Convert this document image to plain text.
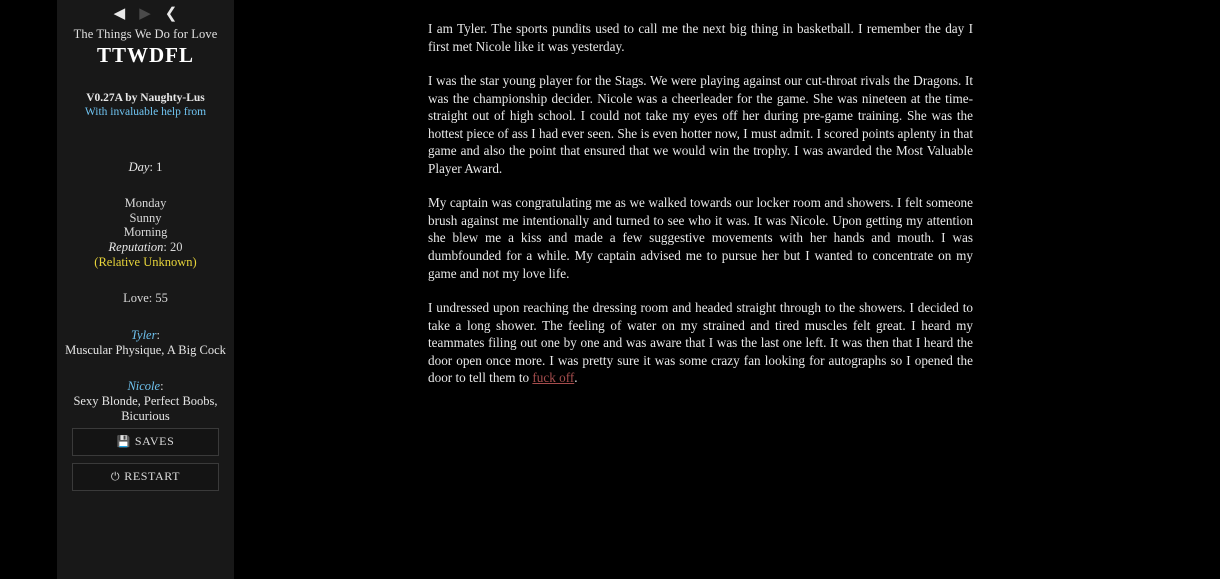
◀ ▶ ❮
The Things We Do for Love
TTWDFL
V0.27A by Naughty-Lus
With invaluable help from
Day: 1
Monday
Sunny
Morning
Reputation: 20
(Relative Unknown)
Love: 55
Tyler:
Muscular Physique, A Big Cock
Nicole:
Sexy Blonde, Perfect Boobs, Bicurious
💾 SAVES
⏻ RESTART

I am Tyler. The sports pundits used to call me the next big thing in basketball. I remember the day I first met Nicole like it was yesterday.

I was the star young player for the Stags. We were playing against our cut-throat rivals the Dragons. It was the championship decider. Nicole was a cheerleader for the game. She was nineteen at the time- straight out of high school. I could not take my eyes off her during pre-game training. She was the hottest piece of ass I had ever seen. She is even hotter now, I must admit. I scored points aplenty in that game and also the point that ensured that we would win the trophy. I was awarded the Most Valuable Player Award.

My captain was congratulating me as we walked towards our locker room and showers. I felt someone brush against me intentionally and turned to see who it was. It was Nicole. Upon getting my attention she blew me a kiss and made a few suggestive movements with her hands and mouth. I was dumbfounded for a while. My captain advised me to pursue her but I wanted to concentrate on my game and not my love life.

I undressed upon reaching the dressing room and headed straight through to the showers. I decided to take a long shower. The feeling of water on my strained and tired muscles felt great. I heard my teammates filing out one by one and was aware that I was the last one left. It was then that I heard the door open once more. I was pretty sure it was some crazy fan looking for autographs so I opened the door to tell them to fuck off.
